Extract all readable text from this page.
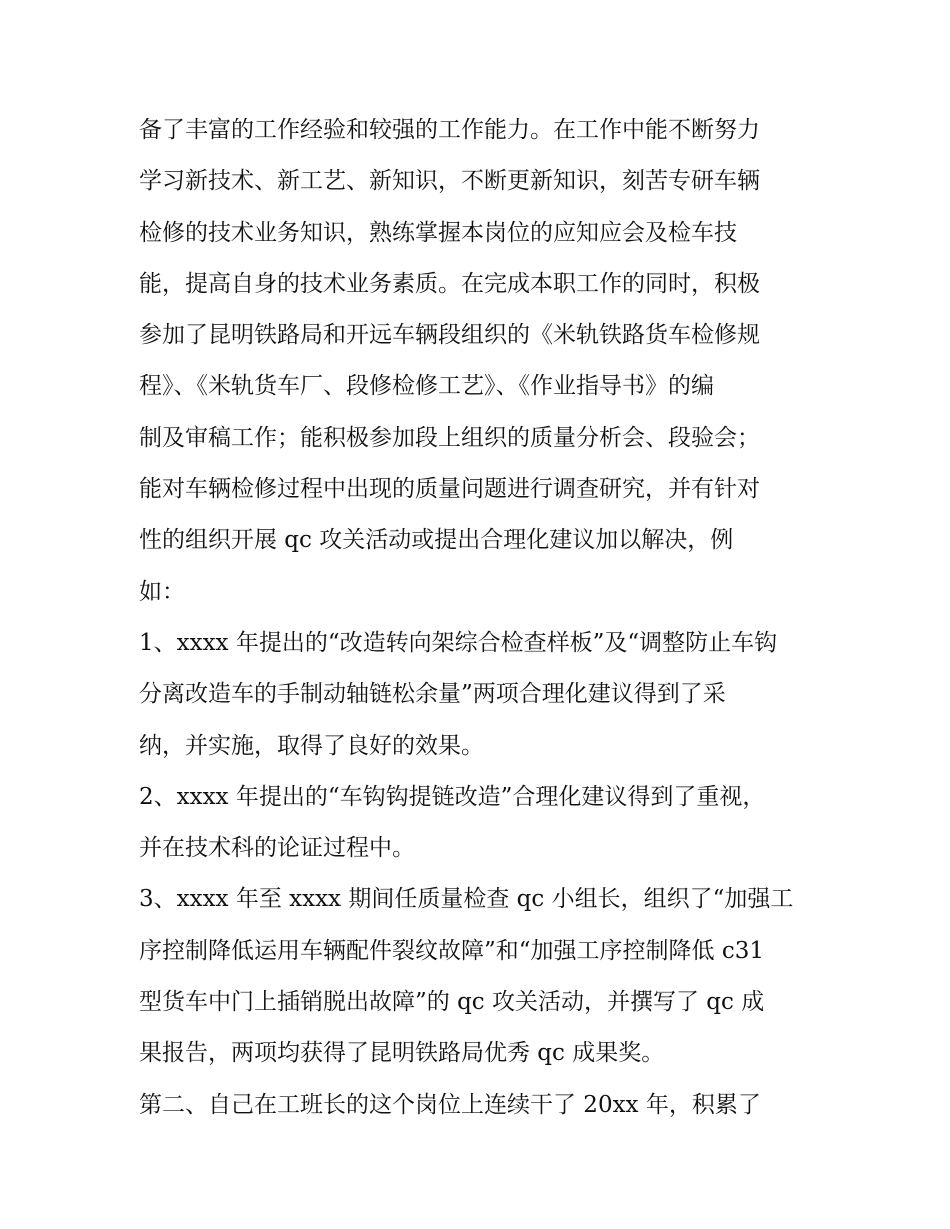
备了丰富的工作经验和较强的工作能力。在工作中能不断努力

学习新技术、新工艺、新知识，不断更新知识，刻苦专研车辆

检修的技术业务知识，熟练掌握本岗位的应知应会及检车技

能，提高自身的技术业务素质。在完成本职工作的同时，积极

参加了昆明铁路局和开远车辆段组织的《米轨铁路货车检修规

程》、《米轨货车厂、段修检修工艺》、《作业指导书》的编

制及审稿工作；能积极参加段上组织的质量分析会、段验会；

能对车辆检修过程中出现的质量问题进行调查研究，并有针对

性的组织开展 qc 攻关活动或提出合理化建议加以解决，例

如：

1、xxxx 年提出的“改造转向架综合检查样板”及“调整防止车钩

分离改造车的手制动轴链松余量”两项合理化建议得到了采

纳，并实施，取得了良好的效果。

2、xxxx 年提出的“车钩钩提链改造”合理化建议得到了重视，

并在技术科的论证过程中。

3、xxxx 年至 xxxx 期间任质量检查 qc 小组长，组织了“加强工

序控制降低运用车辆配件裂纹故障”和“加强工序控制降低 c31

型货车中门上插销脱出故障”的 qc 攻关活动，并撰写了 qc 成

果报告，两项均获得了昆明铁路局优秀 qc 成果奖。

第二、自己在工班长的这个岗位上连续干了 20xx 年，积累了
